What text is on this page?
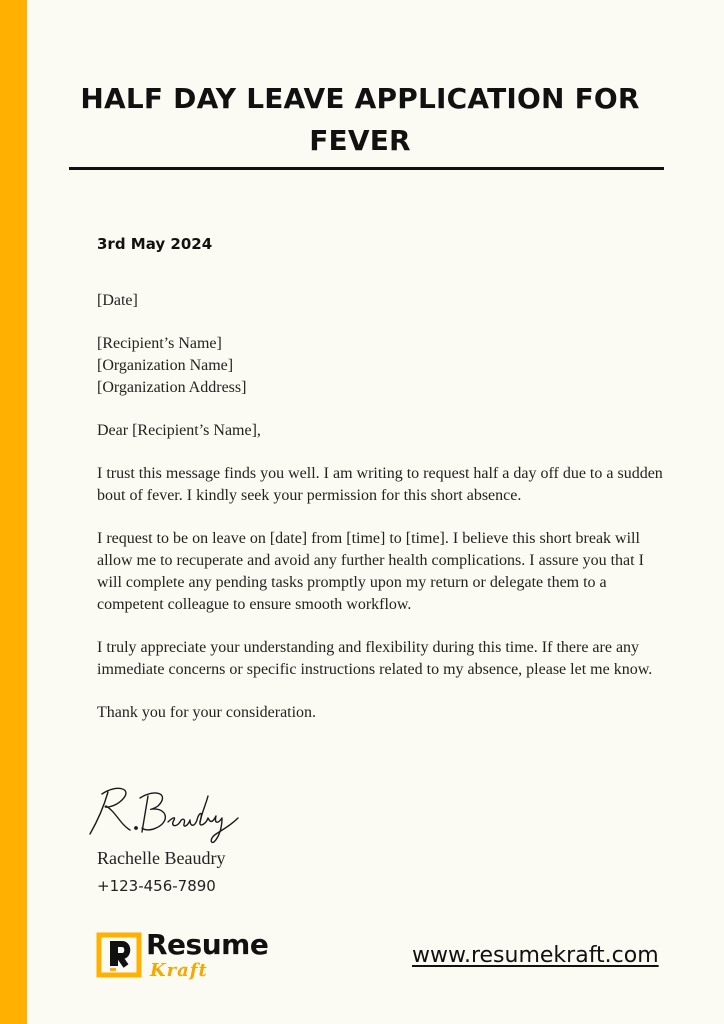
HALF DAY LEAVE APPLICATION FOR FEVER
3rd May 2024

[Date]

[Recipient’s Name]
[Organization Name]
[Organization Address]

Dear [Recipient’s Name],

I trust this message finds you well. I am writing to request half a day off due to a sudden bout of fever. I kindly seek your permission for this short absence.

I request to be on leave on [date] from [time] to [time]. I believe this short break will allow me to recuperate and avoid any further health complications. I assure you that I will complete any pending tasks promptly upon my return or delegate them to a competent colleague to ensure smooth workflow.

I truly appreciate your understanding and flexibility during this time. If there are any immediate concerns or specific instructions related to my absence, please let me know.

Thank you for your consideration.

Rachelle Beaudry
+123-456-7890
Resume
Kraft
www.resumekraft.com
